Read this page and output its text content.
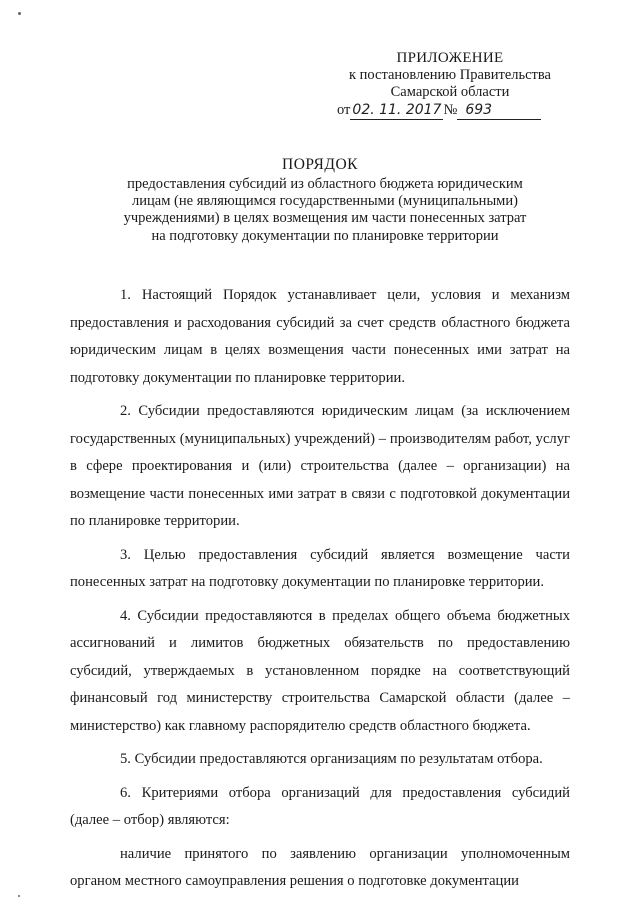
ПРИЛОЖЕНИЕ
к постановлению Правительства
Самарской области
от 02. 11. 2017 № 693
ПОРЯДОК
предоставления субсидий из областного бюджета юридическим
лицам (не являющимся государственными (муниципальными)
учреждениями) в целях возмещения им части понесенных затрат
на подготовку документации по планировке территории

1. Настоящий Порядок устанавливает цели, условия и механизм предоставления и расходования субсидий за счет средств областного бюджета юридическим лицам в целях возмещения части понесенных ими затрат на подготовку документации по планировке территории.

2. Субсидии предоставляются юридическим лицам (за исключением государственных (муниципальных) учреждений) – производителям работ, услуг в сфере проектирования и (или) строительства (далее – организации) на возмещение части понесенных ими затрат в связи с подготовкой документации по планировке территории.

3. Целью предоставления субсидий является возмещение части понесенных затрат на подготовку документации по планировке территории.

4. Субсидии предоставляются в пределах общего объема бюджетных ассигнований и лимитов бюджетных обязательств по предоставлению субсидий, утверждаемых в установленном порядке на соответствующий финансовый год министерству строительства Самарской области (далее – министерство) как главному распорядителю средств областного бюджета.

5. Субсидии предоставляются организациям по результатам отбора.

6. Критериями отбора организаций для предоставления субсидий (далее – отбор) являются:

наличие принятого по заявлению организации уполномоченным органом местного самоуправления решения о подготовке документации
